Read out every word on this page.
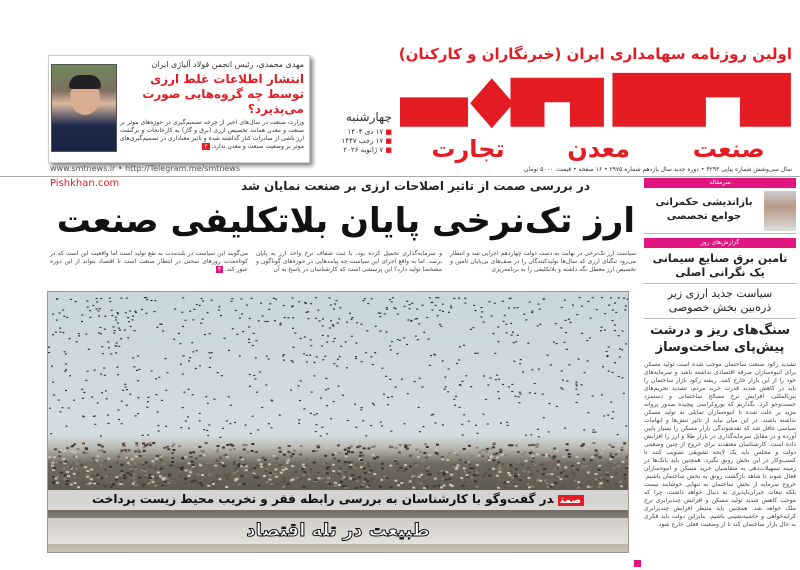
مهدی محمدی، رئیس انجمن فولاد آلیاژی ایران
انتشار اطلاعات غلط ارزی توسط چه گروه‌هایی صورت می‌پذیرد؟
وزارت صنعت در سال‌های اخیر از چرخه تصمیم‌گیری در حوزه‌های موثر بر صنعت و معدن همانند تخصیص ارزی (برق و گاز) به کارخانجات و برگشت ارز ناشی از صادرات کنار گذاشته شده و تاثیر معناداری در تصمیم‌گیری‌های موثر بر وضعیت صنعت و معدن ندارد. ۲
www.smtnews.ir • http://Telegram.me/smtnews
اولین روزنامه سهامداری ایران (خبرنگاران و کارکنان)
صنعت
معدن
تجارت
چهارشنبه
■ ۱۷ دی ۱۴۰۴
■ ۱۷ رجب ۱۴۴۷
■ ۷ ژانویه ۲۰۲۶
سال سی‌وشش شماره پیاپی ۴۲۹۳ • دوره جدید سال یازدهم شماره ۲۹۷۵ • ۱۶ صفحه • قیمت: ۵۰۰۰ تومان
Pishkhan.com	در بررسی صمت از تاثیر اصلاحات ارزی بر صنعت نمایان شد
ارز تک‌نرخی پایان بلاتکلیفی صنعت
سیاست ارز تک‌نرخی در نهایت به دست دولت چهاردهم اجرایی شد و انتظار می‌رود تنگنای ارزی که سال‌ها تولیدکنندگان را در صف‌های بی‌پایان تامین و تخصیص ارز معطل نگه داشته و بلاتکلیفی را به برنامه‌ریزی
و سرمایه‌گذاری تحمیل کرده بود، با ثبت شفاف نرخ واحد ارز به پایان برسد. اما به واقع اجرای این سیاست چه پیامدهایی در حوزه‌های گوناگون و مشخصا تولید دارد؟ این پرسشی است که کارشناسان در پاسخ به آن
می‌گویند این سیاست در بلندمدت به نفع تولید است اما واقعیت این است که در کوتاه‌مدت روزهای سختی در انتظار صنعت است تا اقتصاد بتواند از این دوره عبور کند. ۴
صمتدر گفت‌وگو با کارشناسان به بررسی رابطه فقر و تخریب محیط زیست پرداخت
طبیعت در تله اقتصاد
سرمقاله
بازاندیشی حکمرانی جوامع تخصصی
گزارش‌های روز
تامین برق صنایع سیمانی یک نگرانی اصلی
سیاست جدید ارزی زیر ذره‌بین بخش خصوصی
سنگ‌های ریز و درشت پیش‌پای ساخت‌وساز
تشدید رکود صنعت ساختمان موجب شده است تولید مسکن برای انبوه‌سازان صرفه اقتصادی نداشته باشد و سرمایه‌های خود را از این بازار خارج کنند. ریشه رکود بازار ساختمان را باید در کاهش شدید قدرت خرید مردم، تشدید تحریم‌های بین‌المللی، افزایش نرخ مصالح ساختمانی و دستمزد جست‌وجو کرد. بگذاریم که بوروکراسی پیچیده صدور پروانه مزید بر علت شده تا انبوه‌سازان تمایلی به تولید مسکن نداشته باشند. در این میان نباید از تاثیر تنش‌ها و ابهامات سیاسی غافل شد که نقدشوندگی بازار مسکن را بسیار پایین آورده و در مقابل سرمایه‌گذاری در بازار طلا و ارز را افزایش داده است. کارشناسان معتقدند برای خروج از چنین وضعیتی دولت و مجلس باید یک لایحه تشویقی تصویب کنند تا کسب‌وکار در این بخش رونق بگیرد. همچنین باید بانک‌ها در زمینه تسهیلات‌دهی به متقاضیان خرید مسکن و انبوه‌سازان فعال شوند تا شاهد بازگشت رونق به بخش ساختمان باشیم. خروج سرمایه از بخش ساختمان به تنهایی خوشایند نیست بلکه تبعات جبران‌ناپذیری به دنبال خواهد داشت، چرا که موجب کاهش شدید تولید مسکن و افزایش چندبرابری نرخ ملک خواهد شد. همچنین باید منتظر افزایش چندبرابری کرایه‌خواهی و حاشیه‌نشینی باشیم. بنابراین دولت باید فکری به حال بازار ساختمان کند تا از وضعیت فعلی خارج شود.
